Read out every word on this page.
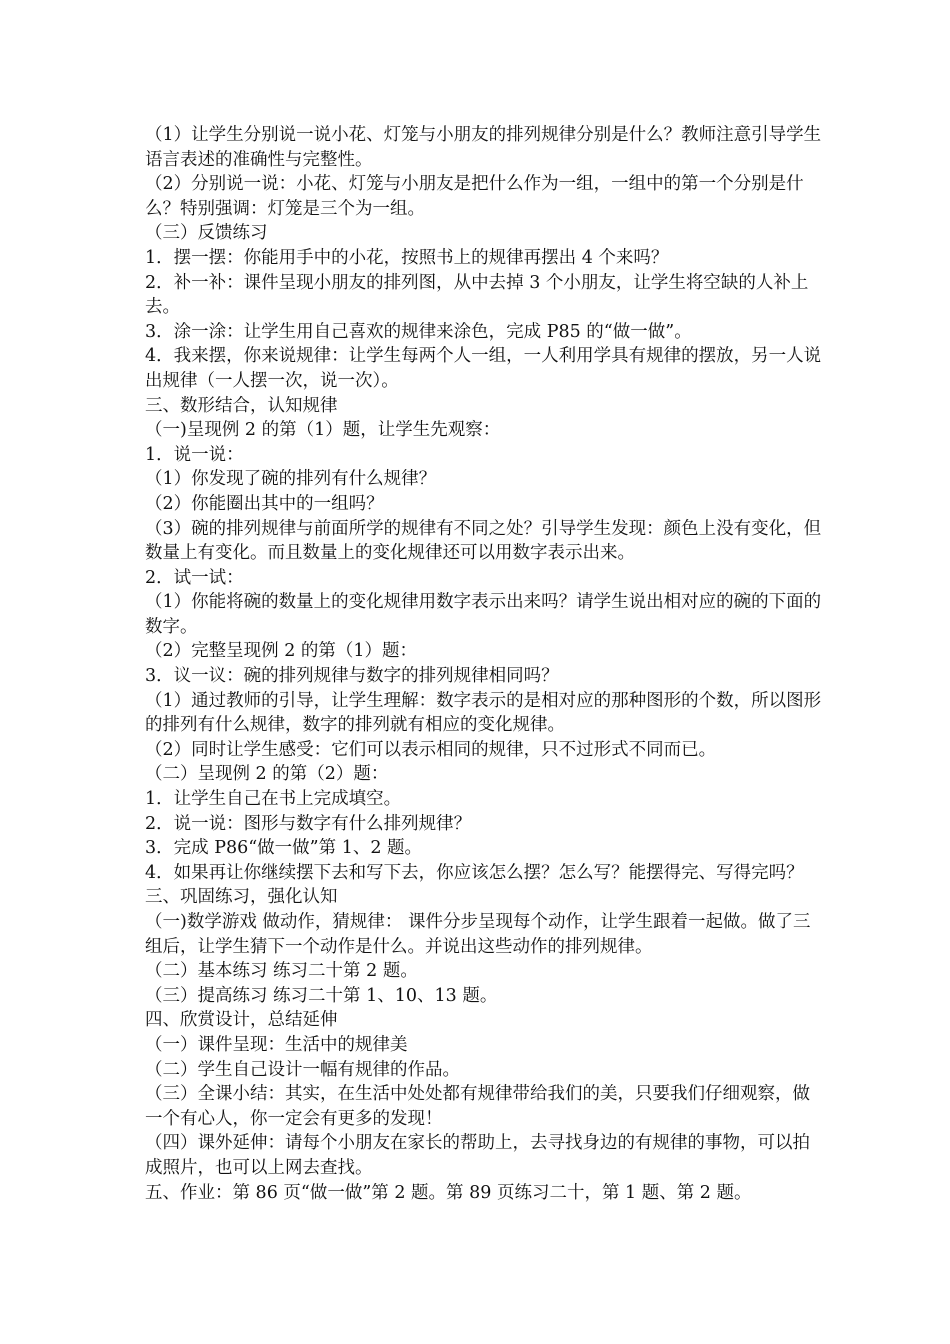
（1）让学生分别说一说小花、灯笼与小朋友的排列规律分别是什么？教师注意引导学生语言表述的准确性与完整性。

（2）分别说一说：小花、灯笼与小朋友是把什么作为一组，一组中的第一个分别是什么？特别强调：灯笼是三个为一组。

（三）反馈练习

1．摆一摆：你能用手中的小花，按照书上的规律再摆出 4 个来吗？

2．补一补：课件呈现小朋友的排列图，从中去掉 3 个小朋友，让学生将空缺的人补上去。

3．涂一涂：让学生用自己喜欢的规律来涂色，完成 P85 的“做一做”。

4．我来摆，你来说规律：让学生每两个人一组，一人利用学具有规律的摆放，另一人说出规律（一人摆一次，说一次）。

三、数形结合，认知规律

（一)呈现例 2 的第（1）题，让学生先观察：

1．说一说：

（1）你发现了碗的排列有什么规律？

（2）你能圈出其中的一组吗？

（3）碗的排列规律与前面所学的规律有不同之处？引导学生发现：颜色上没有变化，但数量上有变化。而且数量上的变化规律还可以用数字表示出来。

2．试一试：

（1）你能将碗的数量上的变化规律用数字表示出来吗？请学生说出相对应的碗的下面的数字。

（2）完整呈现例 2 的第（1）题：

3．议一议：碗的排列规律与数字的排列规律相同吗？

（1）通过教师的引导，让学生理解：数字表示的是相对应的那种图形的个数，所以图形的排列有什么规律，数字的排列就有相应的变化规律。

（2）同时让学生感受：它们可以表示相同的规律，只不过形式不同而已。

（二）呈现例 2 的第（2）题：

1．让学生自己在书上完成填空。

2．说一说：图形与数字有什么排列规律？

3．完成 P86“做一做”第 1、2 题。

4．如果再让你继续摆下去和写下去，你应该怎么摆？怎么写？能摆得完、写得完吗？　　　　　三、巩固练习，强化认知

（一)数学游戏 做动作，猜规律： 课件分步呈现每个动作，让学生跟着一起做。做了三组后，让学生猜下一个动作是什么。并说出这些动作的排列规律。

（二）基本练习 练习二十第 2 题。

（三）提高练习 练习二十第 1、10、13 题。

四、欣赏设计，总结延伸

（一）课件呈现：生活中的规律美

（二）学生自己设计一幅有规律的作品。

（三）全课小结：其实，在生活中处处都有规律带给我们的美，只要我们仔细观察，做一个有心人，你一定会有更多的发现！

（四）课外延伸：请每个小朋友在家长的帮助上，去寻找身边的有规律的事物，可以拍成照片，也可以上网去查找。

五、作业：第 86 页“做一做”第 2 题。第 89 页练习二十，第 1 题、第 2 题。
